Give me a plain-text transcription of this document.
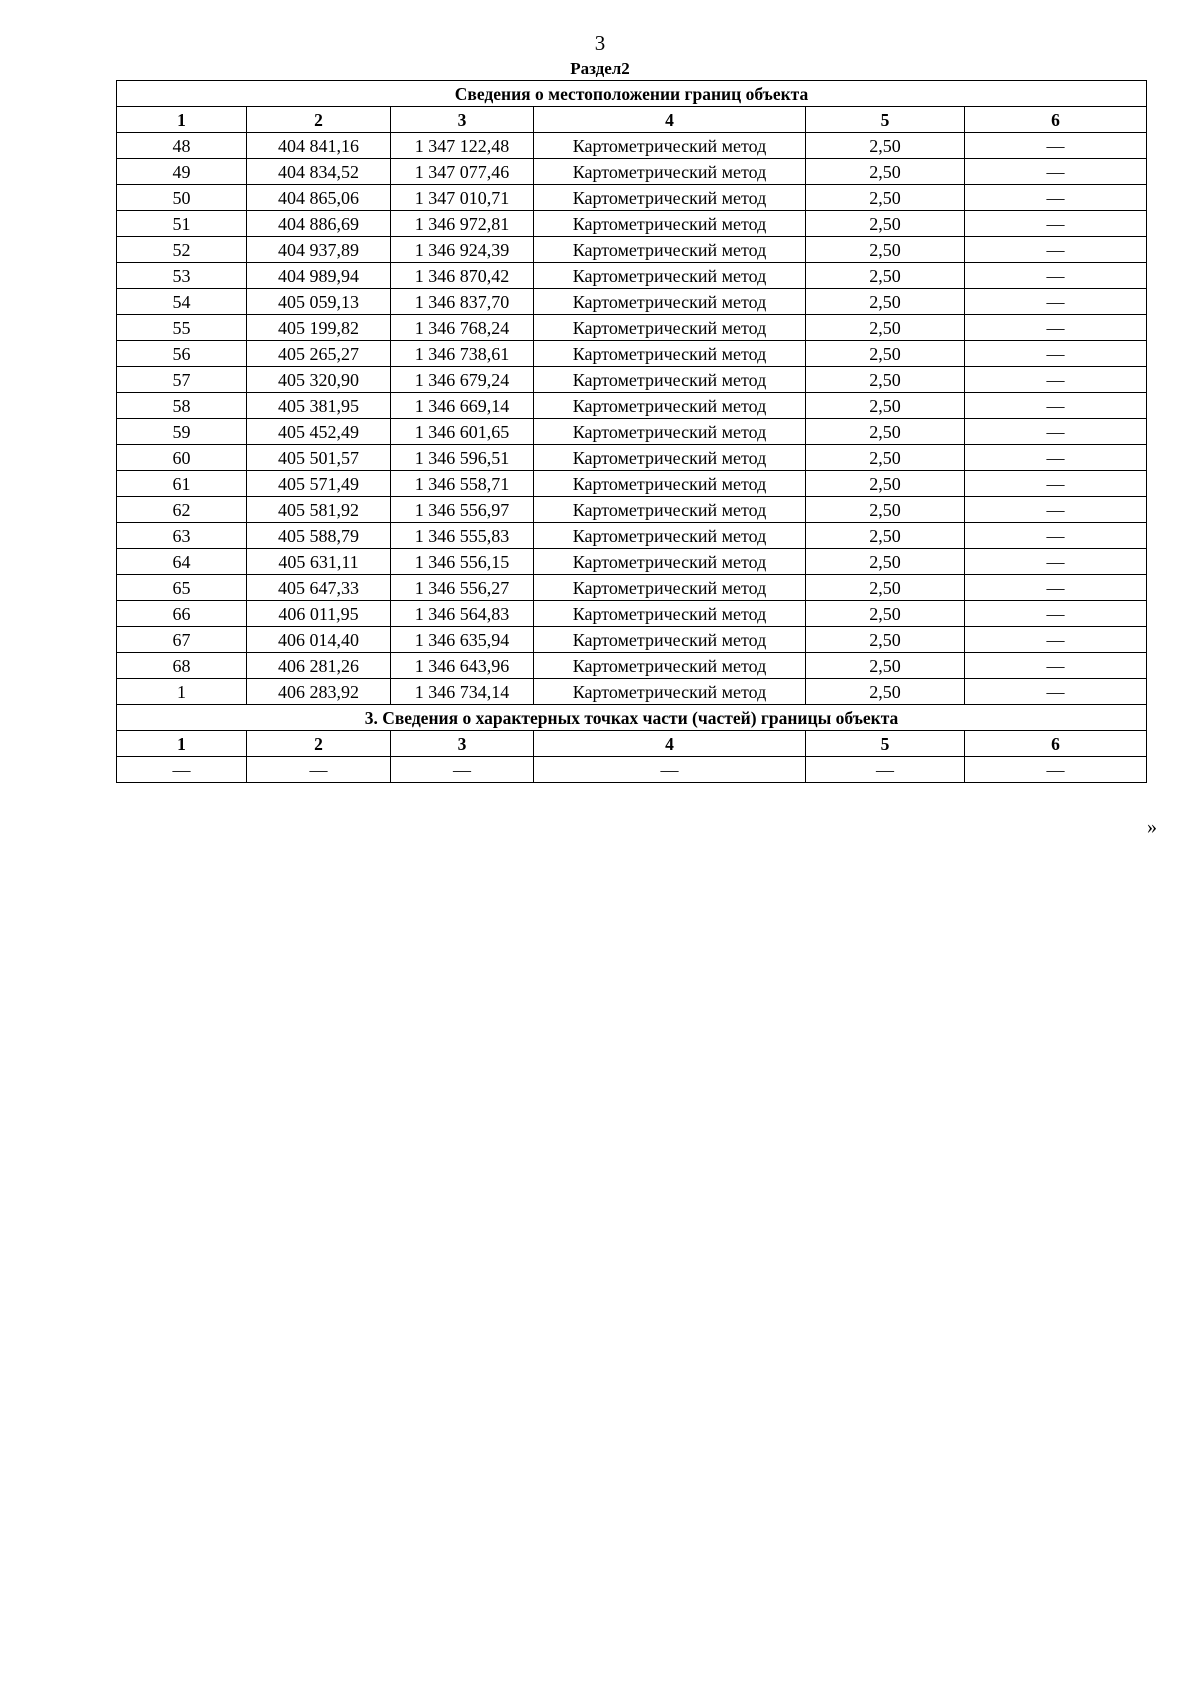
3
Раздел2
Сведения о местоположении границ объекта					
1	2	3	4	5	6
48	404 841,16	1 347 122,48	Картометрический метод	2,50	—
49	404 834,52	1 347 077,46	Картометрический метод	2,50	—
50	404 865,06	1 347 010,71	Картометрический метод	2,50	—
51	404 886,69	1 346 972,81	Картометрический метод	2,50	—
52	404 937,89	1 346 924,39	Картометрический метод	2,50	—
53	404 989,94	1 346 870,42	Картометрический метод	2,50	—
54	405 059,13	1 346 837,70	Картометрический метод	2,50	—
55	405 199,82	1 346 768,24	Картометрический метод	2,50	—
56	405 265,27	1 346 738,61	Картометрический метод	2,50	—
57	405 320,90	1 346 679,24	Картометрический метод	2,50	—
58	405 381,95	1 346 669,14	Картометрический метод	2,50	—
59	405 452,49	1 346 601,65	Картометрический метод	2,50	—
60	405 501,57	1 346 596,51	Картометрический метод	2,50	—
61	405 571,49	1 346 558,71	Картометрический метод	2,50	—
62	405 581,92	1 346 556,97	Картометрический метод	2,50	—
63	405 588,79	1 346 555,83	Картометрический метод	2,50	—
64	405 631,11	1 346 556,15	Картометрический метод	2,50	—
65	405 647,33	1 346 556,27	Картометрический метод	2,50	—
66	406 011,95	1 346 564,83	Картометрический метод	2,50	—
67	406 014,40	1 346 635,94	Картометрический метод	2,50	—
68	406 281,26	1 346 643,96	Картометрический метод	2,50	—
1	406 283,92	1 346 734,14	Картометрический метод	2,50	—
3. Сведения о характерных точках части (частей) границы объекта					
1	2	3	4	5	6
—	—	—	—	—	—
»
